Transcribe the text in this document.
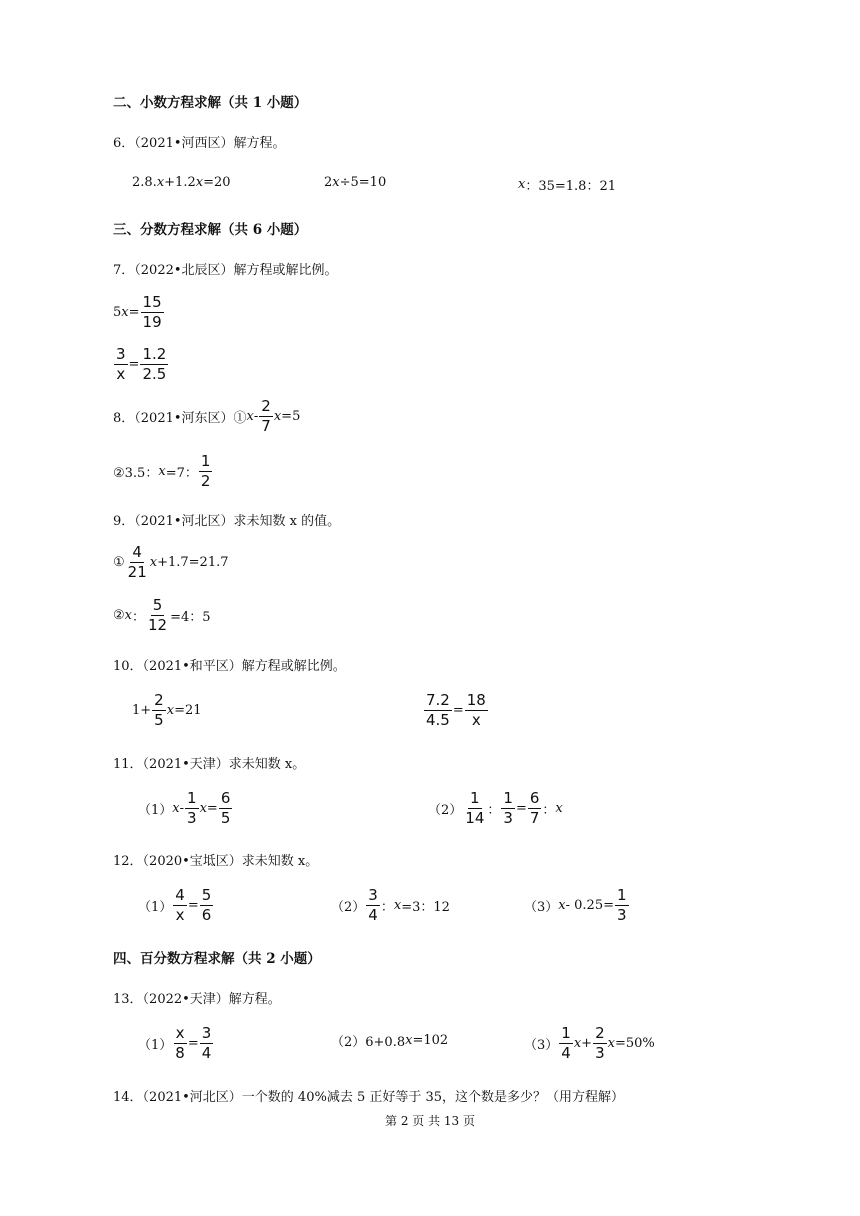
二、小数方程求解（共 1 小题）
6．（2021•河西区）解方程。
2.8. x +1.2 x =20	2 x ÷5=10	x ：35=1.8：21
三、分数方程求解（共 6 小题）
7．（2022•北辰区）解方程或解比例。
5 $x = \frac{15}{19}$
$\frac{3}{x} = \frac{1.2}{2.5}$
8．（2021•河东区）① x - $\frac{2}{7}$ x =5
②3.5： x =7： $\frac{1}{2}$
9．（2021•河北区）求未知数 x 的值。
① $\frac{4}{21}$ x +1.7=21.7
② x ： $\frac{5}{12} =4$：5
10．（2021•和平区）解方程或解比例。
$1+ \frac{2}{5}$ x =21	$\frac{7.2}{4.5} = \frac{18}{x}$
11．（2021•天津）求未知数 x。
（1） x - $\frac{1}{3}$ $x = \frac{6}{5}$	$(2) \frac{1}{14}$ ： $\frac{1}{3} = \frac{6}{7}$ ： x
12．（2020•宝坻区）求未知数 x。
$(1) \frac{4}{x} = \frac{5}{6}$	$(2) \frac{3}{4}$ ： x =3：12	（3） $x - 0.25= \frac{1}{3}$
四、百分数方程求解（共 2 小题）
13．（2022•天津）解方程。
$(1) \frac{x}{8} = \frac{3}{4}$	（2）6+0.8 x =102	$(3) \frac{1}{4}$ $x + \frac{2}{3}$ x =50%
14．（2021•河北区）一个数的 40%减去 5 正好等于 35，这个数是多少？（用方程解）
第 2 页 共 13 页
